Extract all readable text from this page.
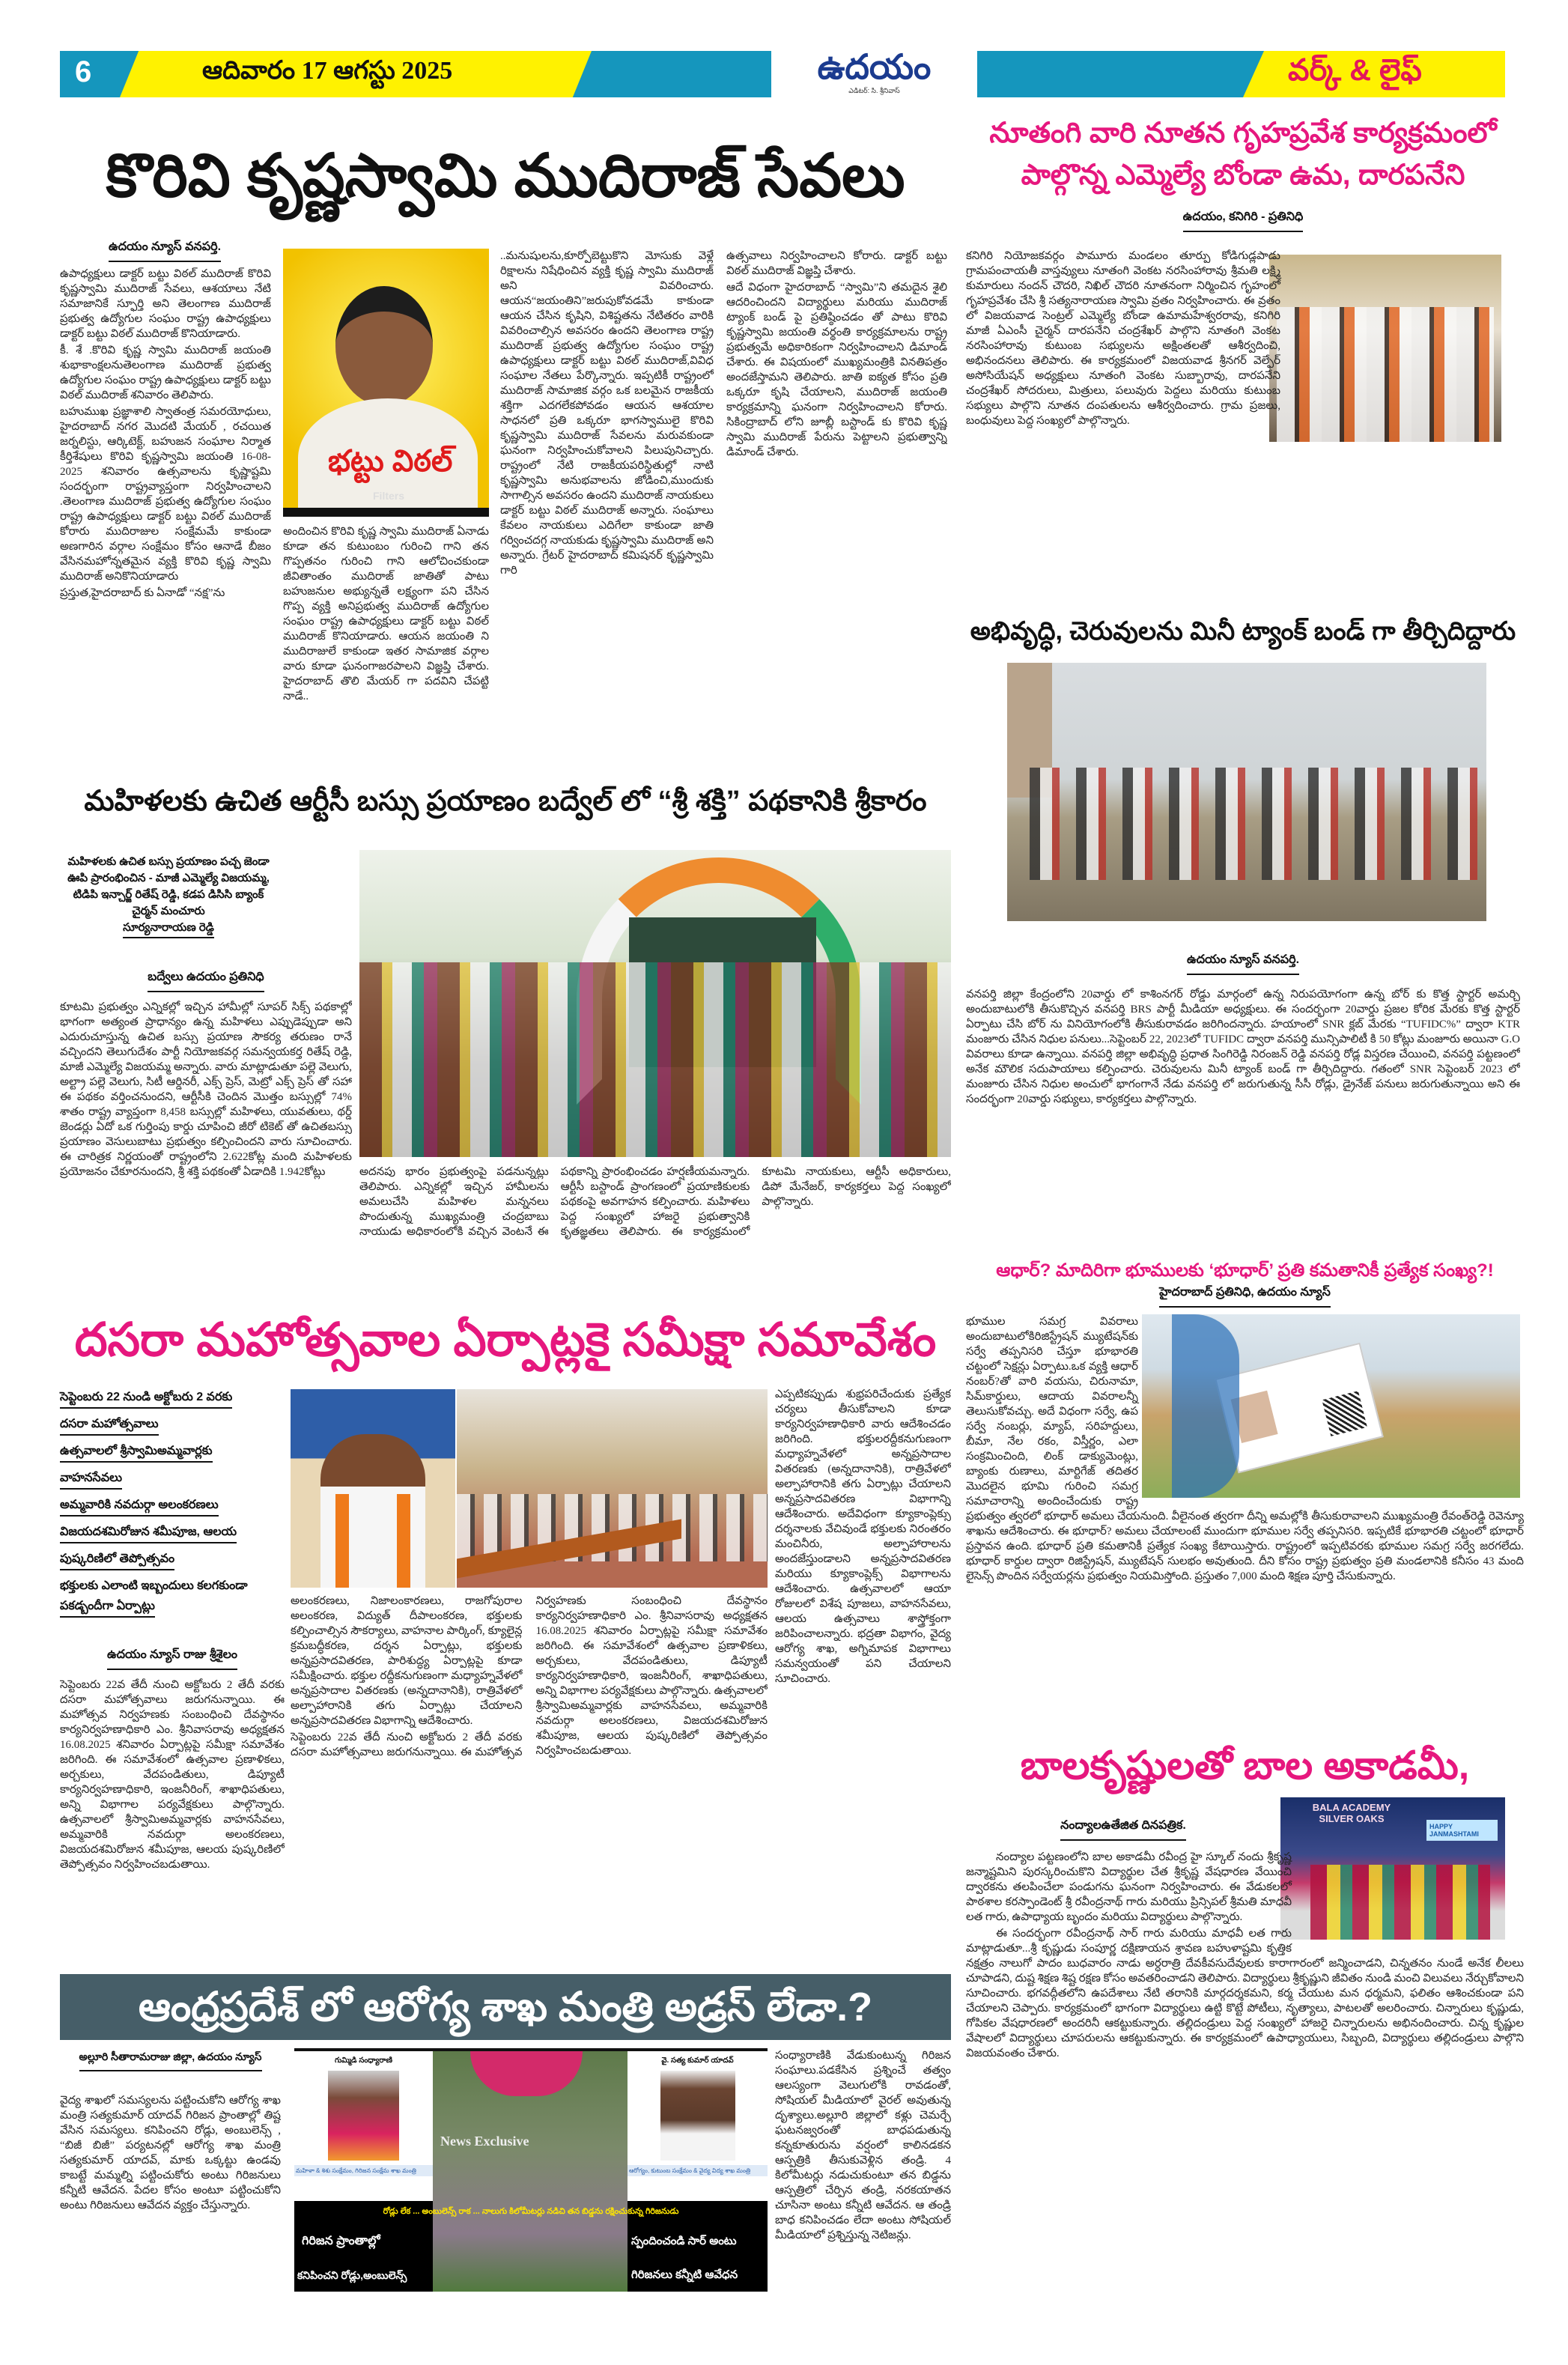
6	ఆదివారం 17 ఆగస్టు 2025	ఉదయం
ఎడిటర్: సి. శ్రీనివాస్
వర్క్ & లైఫ్
కొరివి కృష్ణస్వామి ముదిరాజ్ సేవలు
ఉదయం న్యూస్ వనపర్తి.

ఉపాధ్యక్షులు డాక్టర్ బట్టు విఠల్ ముదిరాజ్ కొరివి కృష్ణస్వామి ముదిరాజ్ సేవలు, ఆశయాలు నేటి సమాజానికే స్ఫూర్తి అని తెలంగాణ ముదిరాజ్ ప్రభుత్వ ఉద్యోగుల సంఘం రాష్ట్ర ఉపాధ్యక్షులు డాక్టర్ బట్టు విఠల్ ముదిరాజ్ కొనియాడారు.

కీ. శే .కొరివి కృష్ణ స్వామి ముదిరాజ్ జయంతి శుభాకాంక్షలనుతెలంగాణ ముదిరాజ్ ప్రభుత్వ ఉద్యోగుల సంఘం రాష్ట్ర ఉపాధ్యక్షులు డాక్టర్ బట్టు విఠల్ ముదిరాజ్ శనివారం తెలిపారు.

బహుముఖ ప్రజ్ఞాశాలి స్వాతంత్ర సమరయోధులు, హైదరాబాద్ నగర మొదటి మేయర్ , రచయిత జర్నలిస్టు, ఆర్కిటెక్ట్, బహుజన సంఘాల నిర్మాత కీర్తిశేషులు కొరివి కృష్ణస్వామి జయంతి 16-08-2025 శనివారం ఉత్సవాలను కృష్ణాష్టమి సందర్భంగా రాష్ట్రవ్యాప్తంగా నిర్వహించాలని .తెలంగాణ ముదిరాజ్ ప్రభుత్వ ఉద్యోగుల సంఘం రాష్ట్ర ఉపాధ్యక్షులు డాక్టర్ బట్టు విఠల్ ముదిరాజ్ కోరారు ముదిరాజుల సంక్షేమమే కాకుండా అణగారిన వర్గాల సంక్షేమం కోసం ఆనాడే బీజం వేసినమహోన్నతమైన వ్యక్తి కొరివి కృష్ణ స్వామి ముదిరాజ్ అనికొనియాడారు

ప్రస్తుత,హైదరాబాద్ కు ఏనాడో “నక్ష”ను

భట్టు విఠల్
Filters

అందించిన కొరివి కృష్ణ స్వామి ముదిరాజ్ ఏనాడు కూడా తన కుటుంబం గురించి గాని తన గొప్పతనం గురించి గాని ఆలోచించకుండా జీవితాంతం ముదిరాజ్ జాతితో పాటు బహుజనుల అభ్యున్నతే లక్ష్యంగా పని చేసిన గొప్ప వ్యక్తి అనిప్రభుత్వ ముదిరాజ్ ఉద్యోగుల సంఘం రాష్ట్ర ఉపాధ్యక్షులు డాక్టర్ బట్టు విఠల్ ముదిరాజ్ కొనియాడారు. ఆయన జయంతి ని ముదిరాజులే కాకుండా ఇతర సామాజిక వర్గాల వారు కూడా ఘనంగాజరపాలని విజ్ఞప్తి చేశారు. హైదరాబాద్ తొలి మేయర్ గా పదవిని చేపట్టి నాడే..

..మనుషులను,కూర్పోబెట్టుకొని మోసుకు వెళ్లే రిక్షాలను నిషేధించిన వ్యక్తి కృష్ణ స్వామి ముదిరాజ్ అని వివరించారు. ఆయన“జయంతిని”జరుపుకోవడమే కాకుండా ఆయన చేసిన కృషిని, విశిష్టతను నేటితరం వారికి వివరించాల్సిన అవసరం ఉందని తెలంగాణ రాష్ట్ర ముదిరాజ్ ప్రభుత్వ ఉద్యోగుల సంఘం రాష్ట్ర ఉపాధ్యక్షులు డాక్టర్ బట్టు విఠల్ ముదిరాజ్,వివిధ సంఘాల నేతలు పేర్కొన్నారు. ఇప్పటికీ రాష్ట్రంలో ముదిరాజ్ సామాజిక వర్గం ఒక బలమైన రాజకీయ శక్తిగా ఎదగలేకపోవడం ఆయన ఆశయాల సాధనలో ప్రతి ఒక్కరూ భాగస్వాములై కొరివి కృష్ణస్వామి ముదిరాజ్ సేవలను మరువకుండా ఘనంగా నిర్వహించుకోవాలని పిలుపునిచ్చారు. రాష్ట్రంలో నేటి రాజకీయపరిస్థితుల్లో నాటి కృష్ణస్వామి అనుభవాలను జోడించి,ముందుకు సాగాల్సిన అవసరం ఉందని ముదిరాజ్ నాయకులు డాక్టర్ బట్టు విఠల్ ముదిరాజ్ అన్నారు. సంఘాలు కేవలం నాయకులు ఎదిగేలా కాకుండా జాతి గర్వించదగ్గ నాయకుడు కృష్ణస్వామి ముదిరాజ్ అని అన్నారు. గ్రేటర్ హైదరాబాద్ కమిషనర్ కృష్ణస్వామి గారి

ఉత్సవాలు నిర్వహించాలని కోరారు. డాక్టర్ బట్టు విఠల్ ముదిరాజ్ విజ్ఞప్తి చేశారు.

ఆదే విధంగా హైదరాబాద్ “స్వామి”ని తమదైన శైలి ఆదరించిందని విద్యార్థులు మరియు ముదిరాజ్ ట్యాంక్ బండ్ పై ప్రతిష్ఠించడం తో పాటు కొరివి కృష్ణస్వామి జయంతి వర్థంతి కార్యక్రమాలను రాష్ట్ర ప్రభుత్వమే అధికారికంగా నిర్వహించాలని డిమాండ్ చేశారు. ఈ విషయంలో ముఖ్యమంత్రికి వినతిపత్రం అందజేస్తామని తెలిపారు. జాతి ఐక్యత కోసం ప్రతి ఒక్కరూ కృషి చేయాలని, ముదిరాజ్ జయంతి కార్యక్రమాన్ని ఘనంగా నిర్వహించాలని కోరారు. సికింద్రాబాద్ లోని జూబ్లీ బస్టాండ్ కు కొరివి కృష్ణ స్వామి ముదిరాజ్ పేరును పెట్టాలని ప్రభుత్వాన్ని డిమాండ్ చేశారు.

నూతంగి వారి నూతన గృహప్రవేశ కార్యక్రమంలో పాల్గొన్న ఎమ్మెల్యే బోండా ఉమ, దారపనేని
ఉదయం, కనిగిరి - ప్రతినిధి

కనిగిరి నియోజకవర్గం పామూరు మండలం తూర్పు కోడిగుడ్లపాడు గ్రామపంచాయతీ వాస్తవ్యులు నూతంగి వెంకట నరసింహారావు శ్రీమతి లక్ష్మి కుమారులు నందన్ చౌదరి, నిఖిల్ చౌదరి నూతనంగా నిర్మించిన గృహంలో గృహప్రవేశం చేసి శ్రీ సత్యనారాయణ స్వామి వ్రతం నిర్వహించారు. ఈ వ్రతం లో విజయవాడ సెంట్రల్ ఎమ్మెల్యే బోండా ఉమామహేశ్వరరావు, కనిగిరి మాజీ ఏఎంసీ చైర్మన్ దారపనేని చంద్రశేఖర్ పాల్గొని నూతంగి వెంకట నరసింహారావు కుటుంబ సభ్యులను అక్షింతలతో ఆశీర్వదించి, అభినందనలు తెలిపారు. ఈ కార్యక్రమంలో విజయవాడ శ్రీనగర్ వెల్ఫేర్ అసోసియేషన్ అధ్యక్షులు నూతంగి వెంకట సుబ్బారావు, దారపనేని చంద్రశేఖర్ సోదరులు, మిత్రులు, పలువురు పెద్దలు మరియు కుటుంబ సభ్యులు పాల్గొని నూతన దంపతులను ఆశీర్వదించారు. గ్రామ ప్రజలు, బంధువులు పెద్ద సంఖ్యలో పాల్గొన్నారు.

అభివృద్ధి, చెరువులను మినీ ట్యాంక్ బండ్ గా తీర్చిదిద్దారు
ఉదయం న్యూస్ వనపర్తి.

వనపర్తి జిల్లా కేంద్రంలోని 20వార్డు లో కాశింనగర్ రోడ్డు మార్గంలో ఉన్న నిరుపయోగంగా ఉన్న బోర్ కు కొత్త స్టార్టర్ అమర్చి అందుబాటులోకి తీసుకొచ్చిన వనపర్తి BRS పార్టీ మీడియా అధ్యక్షులు. ఈ సందర్భంగా 20వార్డు ప్రజల కోరిక మేరకు కొత్త స్టార్టర్ ఏర్పాటు చేసి బోర్ ను వినియోగంలోకి తీసుకురావడం జరిగిందన్నారు. హయాంలో SNR క్లబ్ మేరకు “TUFIDC%” ద్వారా KTR మంజూరు చేసిన నిధుల పనులు...సెప్టెంబర్ 22, 2023లో TUFIDC ద్వారా వనపర్తి మున్సిపాలిటీ కి 50 కోట్లు మంజూరు అయినా G.O వివరాలు కూడా ఉన్నాయి. వనపర్తి జిల్లా అభివృద్ధి ప్రధాత సింగిరెడ్డి నిరంజన్ రెడ్డి వనపర్తి రోడ్ల విస్తరణ చేయించి, వనపర్తి పట్టణంలో అనేక మౌలిక సదుపాయాలు కల్పించారు. చెరువులను మినీ ట్యాంక్ బండ్ గా తీర్చిదిద్దారు. గతంలో SNR సెప్టెంబర్ 2023 లో మంజూరు చేసిన నిధుల అంచులో భాగంగానే నేడు వనపర్తి లో జరుగుతున్న సీసీ రోడ్లు, డ్రైనేజ్ పనులు జరుగుతున్నాయి అని ఈ సందర్భంగా 20వార్డు సభ్యులు, కార్యకర్తలు పాల్గొన్నారు.

మహిళలకు ఉచిత ఆర్టీసీ బస్సు ప్రయాణం బద్వేల్ లో “శ్రీ శక్తి” పథకానికి శ్రీకారం
మహిళలకు ఉచిత బస్సు ప్రయాణం పచ్చ జెండా ఊపి ప్రారంభించిన - మాజీ ఎమ్మెల్యే విజయమ్మ, టిడిపి ఇన్చార్జ్ రితేష్ రెడ్డి, కడప డిసిసి బ్యాంక్ చైర్మన్ మంచూరు
సూర్యనారాయణ రెడ్డి
బద్వేలు ఉదయం ప్రతినిధి

కూటమి ప్రభుత్వం ఎన్నికల్లో ఇచ్చిన హామీల్లో సూపర్ సిక్స్ పథకాల్లో భాగంగా అత్యంత ప్రాధాన్యం ఉన్న మహిళలు ఎప్పుడెప్పుడా అని ఎదురుచూస్తున్న ఉచిత బస్సు ప్రయాణ సౌకర్య తరుణం రానే వచ్చిందని తెలుగుదేశం పార్టీ నియోజకవర్గ సమన్వయకర్త రితేష్ రెడ్డి, మాజీ ఎమ్మెల్యే విజయమ్మ అన్నారు. వారు మాట్లాడుతూ పల్లె వెలుగు, అల్ట్రా పల్లె వెలుగు, సిటీ ఆర్డినరీ, ఎక్స్ ప్రెస్, మెట్రో ఎక్స్ ప్రెస్ తో సహా ఈ పథకం వర్తించనుందని, ఆర్టీసీకి చెందిన మొత్తం బస్సుల్లో 74% శాతం రాష్ట్ర వ్యాప్తంగా 8,458 బస్సుల్లో మహిళలు, యువతులు, థర్డ్ జెండర్లు ఏదో ఒక గుర్తింపు కార్డు చూపించి జీరో టికెట్ తో ఉచితబస్సు ప్రయాణం వెసులుబాటు ప్రభుత్వం కల్పించిందని వారు సూచించారు. ఈ చారిత్రక నిర్ణయంతో రాష్ట్రంలోని 2.622కోట్ల మంది మహిళలకు ప్రయోజనం చేకూరనుందని, శ్రీ శక్తి పథకంతో ఏడాదికి 1.942కోట్లు	అదనపు భారం ప్రభుత్వంపై పడనున్నట్లు తెలిపారు. ఎన్నికల్లో ఇచ్చిన హామీలను అమలుచేసి మహిళల మన్ననలు పొందుతున్న ముఖ్యమంత్రి చంద్రబాబు నాయుడు అధికారంలోకి వచ్చిన వెంటనే ఈ పథకాన్ని ప్రారంభించడం హర్షణీయమన్నారు. ఆర్టీసీ బస్టాండ్ ప్రాంగణంలో ప్రయాణికులకు పథకంపై అవగాహన కల్పించారు. మహిళలు పెద్ద సంఖ్యలో హాజరై ప్రభుత్వానికి కృతజ్ఞతలు తెలిపారు. ఈ కార్యక్రమంలో కూటమి నాయకులు, ఆర్టీసీ అధికారులు, డిపో మేనేజర్, కార్యకర్తలు పెద్ద సంఖ్యలో పాల్గొన్నారు.

ఆధార్? మాదిరిగా భూములకు ‘భూధార్’ ప్రతి కమతానికీ ప్రత్యేక సంఖ్య?!
హైదరాబాద్ ప్రతినిధి, ఉదయం న్యూస్

భూముల సమగ్ర వివరాలు అందుబాటులోకిరిజిస్ట్రేషన్ మ్యుటేషన్‌కు సర్వే తప్పనిసరి చేస్తూ భూభారతి చట్టంలో సెక్షన్లు ఏర్పాటు.ఒక వ్యక్తి ఆధార్ నంబర్?తో వారి వయసు, చిరునామా, సిమ్‌కార్డులు, ఆదాయ వివరాలన్నీ తెలుసుకోవచ్చు. అదే విధంగా సర్వే, ఉప సర్వే నంబర్లు, మ్యాప్, సరిహద్దులు, బీమా, నేల రకం, విస్తీర్ణం, ఎలా సంక్రమించింది, లింక్ డాక్యుమెంట్లు, బ్యాంకు రుణాలు, మార్టిగేజ్ తదితర మొదలైన భూమి గురించి సమగ్ర సమాచారాన్ని అందించేందుకు రాష్ట్ర ప్రభుత్వం త్వరలో భూధార్ అమలు చేయనుంది. వీలైనంత త్వరగా దీన్ని అమల్లోకి తీసుకురావాలని ముఖ్యమంత్రి రేవంత్‌రెడ్డి రెవెన్యూ శాఖను ఆదేశించారు. ఈ భూధార్? అమలు చేయాలంటే ముందుగా భూముల సర్వే తప్పనిసరి. ఇప్పటికే భూభారతి చట్టంలో భూధార్ ప్రస్తావన ఉంది. భూధార్ ప్రతి కమతానికీ ప్రత్యేక సంఖ్య కేటాయిస్తారు. రాష్ట్రంలో ఇప్పటివరకు భూముల సమగ్ర సర్వే జరగలేదు. భూధార్ కార్డుల ద్వారా రిజిస్ట్రేషన్, మ్యుటేషన్ సులభం అవుతుంది. దీని కోసం రాష్ట్ర ప్రభుత్వం ప్రతి మండలానికి కనీసం 43 మంది లైసెన్స్ పొందిన సర్వేయర్లను ప్రభుత్వం నియమిస్తోంది. ప్రస్తుతం 7,000 మంది శిక్షణ పూర్తి చేసుకున్నారు.

దసరా మహోత్సవాల ఏర్పాట్లకై సమీక్షా సమావేశం
సెప్టెంబరు 22 నుండి అక్టోబరు 2 వరకు
దసరా మహోత్సవాలు
ఉత్సవాలలో శ్రీస్వామిఅమ్మవార్లకు
వాహనసేవలు
అమ్మవారికి నవదుర్గా అలంకరణలు
విజయదశమిరోజున శమీపూజ, ఆలయ
పుష్కరిణిలో తెప్పోత్సవం
భక్తులకు ఎలాంటి ఇబ్బందులు కలగకుండా
పకడ్బందీగా ఏర్పాట్లు
ఉదయం న్యూస్ రాజు శ్రీశైలం

సెప్టెంబరు 22వ తేదీ నుంచి అక్టోబరు 2 తేదీ వరకు దసరా మహోత్సవాలు జరుగనున్నాయి. ఈ మహోత్సవ నిర్వహణకు సంబంధించి దేవస్థానం కార్యనిర్వహణాధికారి ఎం. శ్రీనివాసరావు అధ్యక్షతన 16.08.2025 శనివారం ఏర్పాట్లపై సమీక్షా సమావేశం జరిగింది. ఈ సమావేశంలో ఉత్సవాల ప్రణాళికలు, అర్చకులు, వేదపండితులు, డిప్యూటీ కార్యనిర్వహణాధికారి, ఇంజనీరింగ్, శాఖాధిపతులు, అన్ని విభాగాల పర్యవేక్షకులు పాల్గొన్నారు. ఉత్సవాలలో శ్రీస్వామిఅమ్మవార్లకు వాహనసేవలు, అమ్మవారికి నవదుర్గా అలంకరణలు, విజయదశమిరోజున శమీపూజ, ఆలయ పుష్కరిణిలో తెప్పోత్సవం నిర్వహించబడుతాయి.

అలంకరణలు, నిజాలంకారణలు, రాజగోపురాల అలంకరణ, విద్యుత్ దీపాలంకరణ, భక్తులకు కల్పించాల్సిన సౌకర్యాలు, వాహనాల పార్కింగ్, క్యూలైన్ల క్రమబద్ధీకరణ, దర్శన ఏర్పాట్లు, భక్తులకు అన్నప్రసాదవితరణ, పారిశుద్ధ్య ఏర్పాట్లపై కూడా సమీక్షించారు. భక్తుల రద్దీకనుగుణంగా మధ్యాహ్నవేళలో అన్నప్రసాదాల వితరణకు (అన్నదానానికి), రాత్రివేళలో అల్పాహారానికి తగు ఏర్పాట్లు చేయాలని అన్నప్రసాదవితరణ విభాగాన్ని ఆదేశించారు.

సెప్టెంబరు 22వ తేదీ నుంచి అక్టోబరు 2 తేదీ వరకు దసరా మహోత్సవాలు జరుగనున్నాయి. ఈ మహోత్సవ నిర్వహణకు సంబంధించి దేవస్థానం కార్యనిర్వహణాధికారి ఎం. శ్రీనివాసరావు అధ్యక్షతన 16.08.2025 శనివారం ఏర్పాట్లపై సమీక్షా సమావేశం జరిగింది. ఈ సమావేశంలో ఉత్సవాల ప్రణాళికలు, అర్చకులు, వేదపండితులు, డిప్యూటీ కార్యనిర్వహణాధికారి, ఇంజనీరింగ్, శాఖాధిపతులు, అన్ని విభాగాల పర్యవేక్షకులు పాల్గొన్నారు. ఉత్సవాలలో శ్రీస్వామిఅమ్మవార్లకు వాహనసేవలు, అమ్మవారికి నవదుర్గా అలంకరణలు, విజయదశమిరోజున శమీపూజ, ఆలయ పుష్కరిణిలో తెప్పోత్సవం నిర్వహించబడుతాయి.

ఎప్పటికప్పుడు శుభ్రపరిచేందుకు ప్రత్యేక చర్యలు తీసుకోవాలని కూడా కార్యనిర్వహణాధికారి వారు ఆదేశించడం జరిగింది. భక్తులరద్దీకనుగుణంగా మధ్యాహ్నవేళలో అన్నప్రసాదాల వితరణకు (అన్నదానానికి), రాత్రివేళలో అల్పాహారానికి తగు ఏర్పాట్లు చేయాలని అన్నప్రసాదవితరణ విభాగాన్ని ఆదేశించారు. అదేవిధంగా క్యూకాంప్లెక్సు దర్శనాలకు వేచివుండే భక్తులకు నిరంతరం మంచినీరు, అల్పాహారాలను అందజేస్తుండాలని అన్నప్రసాదవితరణ మరియు క్యూకాంప్లెక్స్ విభాగాలను ఆదేశించారు. ఉత్సవాలలో ఆయా రోజులలో విశేష పూజలు, వాహనసేవలు, ఆలయ ఉత్సవాలు శాస్త్రోక్తంగా జరిపించాలన్నారు. భద్రతా విభాగం, వైద్య ఆరోగ్య శాఖ, అగ్నిమాపక విభాగాలు సమన్వయంతో పని చేయాలని సూచించారు.

బాలకృష్ణులతో బాల అకాడమీ,
నంద్యాలఉతేజిత దినపత్రిక.
BALA ACADEMY SILVER OAKS
HAPPY JANMASHTAMI

నంద్యాల పట్టణంలోని బాల అకాడమీ రవీంద్ర హై స్కూల్ నందు శ్రీకృష్ణ జన్మాష్టమిని పురస్కరించుకొని విద్యార్థుల చేత శ్రీకృష్ణ వేషధారణ వేయించి ద్వారకను తలపించేలా పండుగను ఘనంగా నిర్వహించారు. ఈ వేడుకలలో పాఠశాల కరస్పాండెంట్ శ్రీ రవీంద్రనాథ్ గారు మరియు ప్రిన్సిపల్ శ్రీమతి మాధవీ లత గారు, ఉపాధ్యాయ బృందం మరియు విద్యార్థులు పాల్గొన్నారు.

ఈ సందర్భంగా రవీంద్రనాథ్ సార్ గారు మరియు మాధవీ లత గారు మాట్లాడుతూ...శ్రీ కృష్ణుడు సంపూర్ణ దక్షిణాయన శ్రావణ బహుళాష్టమి కృత్తిక నక్షత్రం నాలుగో పాదం బుధవారం నాడు అర్ధరాత్రి దేవకీవసుదేవులకు కారాగారంలో జన్మించాడని, చిన్నతనం నుండే అనేక లీలలు చూపాడని, దుష్ట శిక్షణ శిష్ట రక్షణ కోసం అవతరించాడని తెలిపారు. విద్యార్థులు శ్రీకృష్ణుని జీవితం నుండి మంచి విలువలు నేర్చుకోవాలని సూచించారు. భగవద్గీతలోని ఉపదేశాలు నేటి తరానికి మార్గదర్శకమని, కర్మ చేయుట మన ధర్మమని, ఫలితం ఆశించకుండా పని చేయాలని చెప్పారు. కార్యక్రమంలో భాగంగా విద్యార్థులు ఉట్టి కొట్టే పోటీలు, నృత్యాలు, పాటలతో అలరించారు. చిన్నారులు కృష్ణుడు, గోపికల వేషధారణలో అందరినీ ఆకట్టుకున్నారు. తల్లిదండ్రులు పెద్ద సంఖ్యలో హాజరై చిన్నారులను అభినందించారు. చిన్న కృష్ణుల వేషాలలో విద్యార్థులు చూపరులను ఆకట్టుకున్నారు. ఈ కార్యక్రమంలో ఉపాధ్యాయులు, సిబ్బంది, విద్యార్థులు తల్లిదండ్రులు పాల్గొని విజయవంతం చేశారు.

ఆంధ్రప్రదేశ్ లో ఆరోగ్య శాఖ మంత్రి అడ్రస్ లేడా.?
అల్లూరి సీతారామరాజు జిల్లా, ఉదయం న్యూస్

వైద్య శాఖలో సమస్యలను పట్టించుకోని ఆరోగ్య శాఖ మంత్రి సత్యకుమార్ యాదవ్ గిరిజన ప్రాంతాల్లో తిష్ట వేసిన సమస్యలు. కనిపించని రోడ్లు, అంబులెన్స్ , “బిజీ బిజీ” పర్యటనల్లో ఆరోగ్య శాఖ మంత్రి సత్యకుమార్ యాదవ్, మాకు ఒక్కట్టు ఉండవు కాబట్టే మమ్మల్ని పట్టించుకోరు అంటు గిరిజనులు కన్నీటి ఆవేదన. పేదల కోసం అంటూ పట్టించుకోని అంటు గిరిజనులు ఆవేదన వ్యక్తం చేస్తున్నారు.

గుమ్మిడి సంధ్యారాణి
మహిళా & శిశు సంక్షేమం, గిరిజన సంక్షేమ శాఖ మంత్రి
News Exclusive
వై. సత్య కుమార్ యాదవ్
ఆరోగ్యం, కుటుంబ సంక్షేమం & వైద్య విద్య శాఖ మంత్రి
రోడ్లు లేక ... అంబులెన్స్ రాక ... నాలుగు కిలోమీటర్లు నడిచి తన బిడ్డను రక్షించుకున్న గిరిజనుడు
గిరిజన ప్రాంతాల్లో
కనిపించని రోడ్లు,అంబులెన్స్
స్పందించండి సార్ అంటు
గిరిజనలు కన్నీటి ఆవేధన

సంధ్యారాణికి వేడుకుంటున్న గిరిజన సంఘాలు.పడకేసిన ప్రశ్నించే తత్వం ఆలస్యంగా వెలుగులోకి రావడంతో, సోషియల్ మీడియాలో వైరల్ అవుతున్న దృశ్యాలు.అల్లూరి జిల్లాలో కళ్లు చెమర్చే ఘటనజ్వరంతో బాధపడుతున్న కన్నకూతురును వర్షంలో కాలినడకన ఆస్పత్రికి తీసుకువెళ్లిన తండ్రి. 4 కిలోమీటర్లు నడుచుకుంటూ తన బిడ్డను ఆస్పత్రిలో చేర్పిన తండ్రి, నరకయాతన చూసినా అంటు కన్నీటి ఆవేదన. ఆ తండ్రి బాధ కనిపించడం లేదా అంటు సోషియల్ మీడియాలో ప్రశ్నిస్తున్న నెటిజన్లు.
